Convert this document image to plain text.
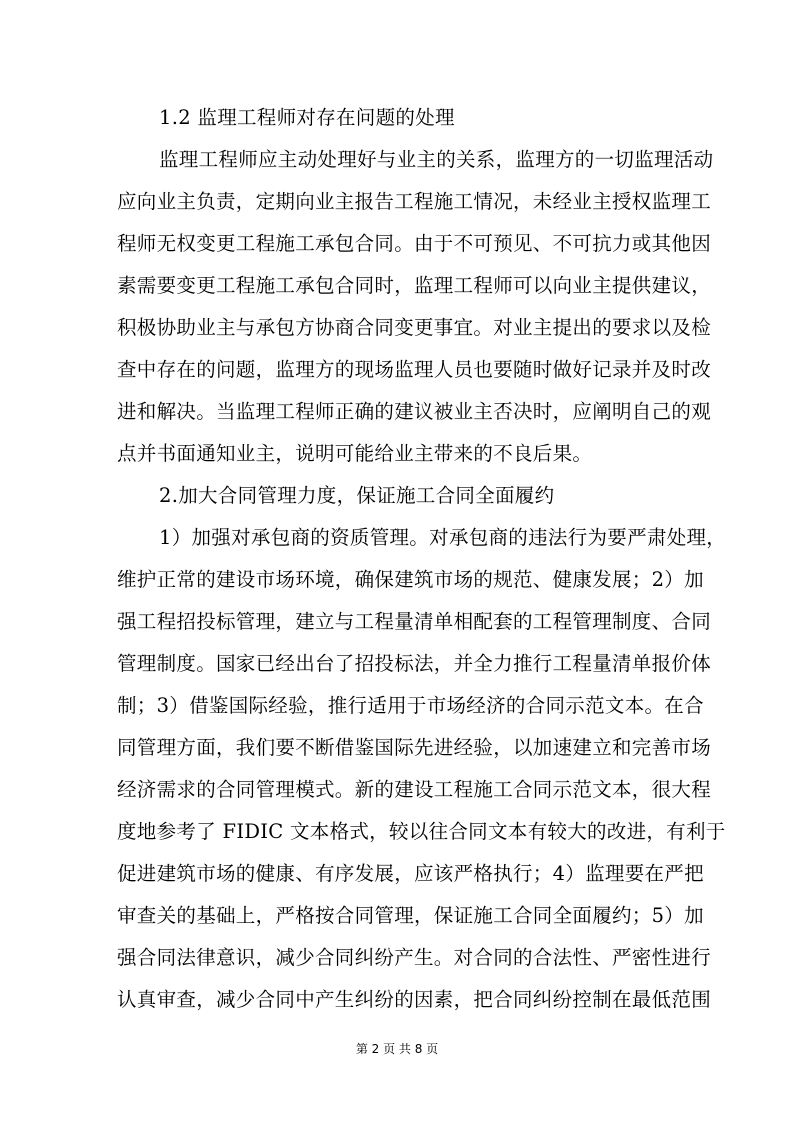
1.2 监理工程师对存在问题的处理
监理工程师应主动处理好与业主的关系，监理方的一切监理活动
应向业主负责，定期向业主报告工程施工情况，未经业主授权监理工
程师无权变更工程施工承包合同。由于不可预见、不可抗力或其他因
素需要变更工程施工承包合同时，监理工程师可以向业主提供建议，
积极协助业主与承包方协商合同变更事宜。对业主提出的要求以及检
查中存在的问题，监理方的现场监理人员也要随时做好记录并及时改
进和解决。当监理工程师正确的建议被业主否决时，应阐明自己的观
点并书面通知业主，说明可能给业主带来的不良后果。
2.加大合同管理力度，保证施工合同全面履约
1）加强对承包商的资质管理。对承包商的违法行为要严肃处理，
维护正常的建设市场环境，确保建筑市场的规范、健康发展；2）加
强工程招投标管理，建立与工程量清单相配套的工程管理制度、合同
管理制度。国家已经出台了招投标法，并全力推行工程量清单报价体
制；3）借鉴国际经验，推行适用于市场经济的合同示范文本。在合
同管理方面，我们要不断借鉴国际先进经验，以加速建立和完善市场
经济需求的合同管理模式。新的建设工程施工合同示范文本，很大程
度地参考了 FIDIC 文本格式，较以往合同文本有较大的改进，有利于
促进建筑市场的健康、有序发展，应该严格执行；4）监理要在严把
审查关的基础上，严格按合同管理，保证施工合同全面履约；5）加
强合同法律意识，减少合同纠纷产生。对合同的合法性、严密性进行
认真审查，减少合同中产生纠纷的因素，把合同纠纷控制在最低范围
第 2 页 共 8 页
